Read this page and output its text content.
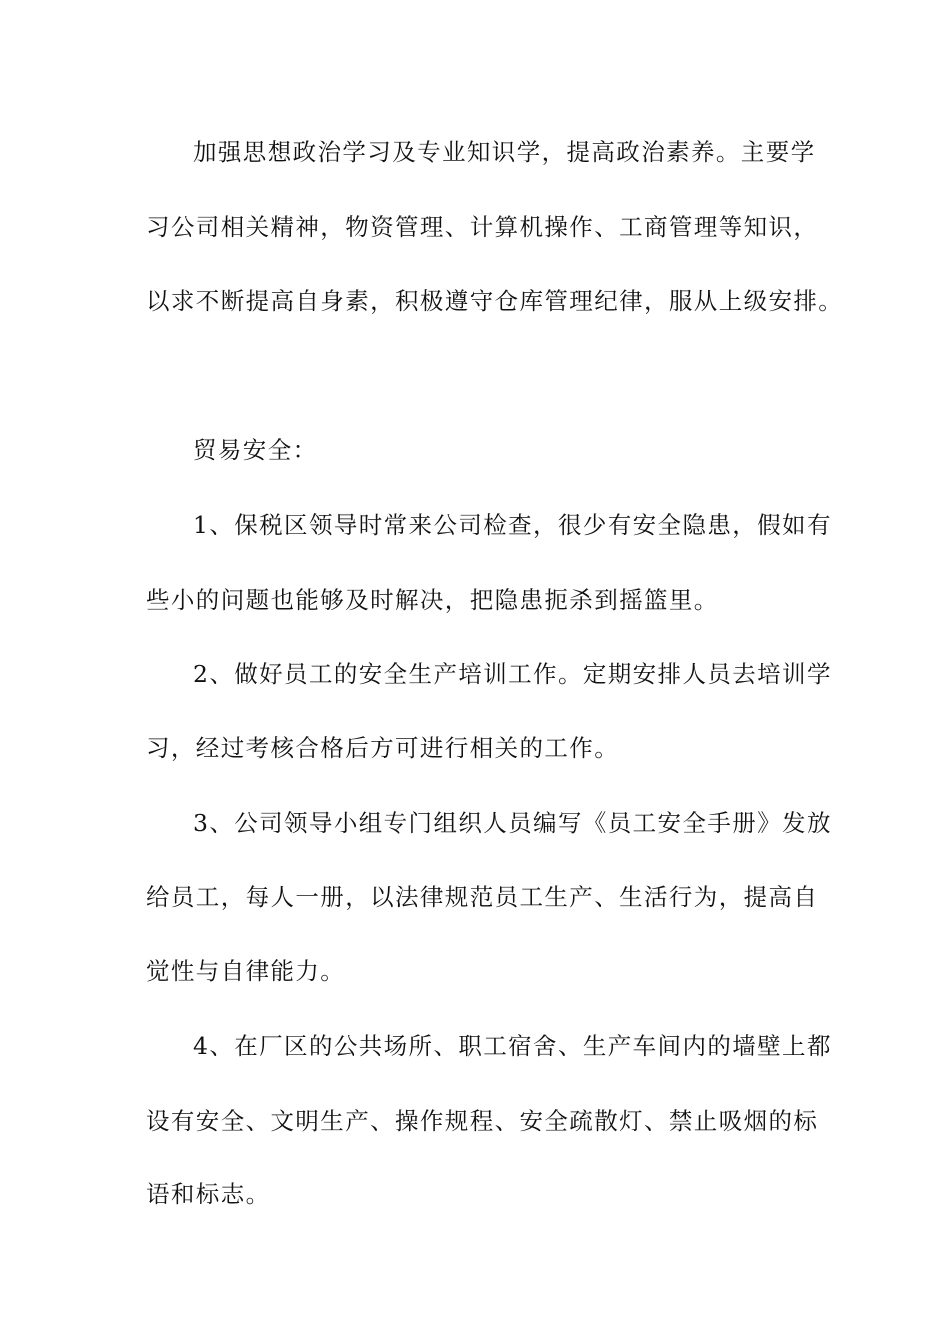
加强思想政治学习及专业知识学，提高政治素养。主要学
习公司相关精神，物资管理、计算机操作、工商管理等知识，
以求不断提高自身素，积极遵守仓库管理纪律，服从上级安排。
贸易安全：
1、保税区领导时常来公司检查，很少有安全隐患，假如有
些小的问题也能够及时解决，把隐患扼杀到摇篮里。
2、做好员工的安全生产培训工作。定期安排人员去培训学
习，经过考核合格后方可进行相关的工作。
3、公司领导小组专门组织人员编写《员工安全手册》发放
给员工，每人一册，以法律规范员工生产、生活行为，提高自
觉性与自律能力。
4、在厂区的公共场所、职工宿舍、生产车间内的墙壁上都
设有安全、文明生产、操作规程、安全疏散灯、禁止吸烟的标
语和标志。
